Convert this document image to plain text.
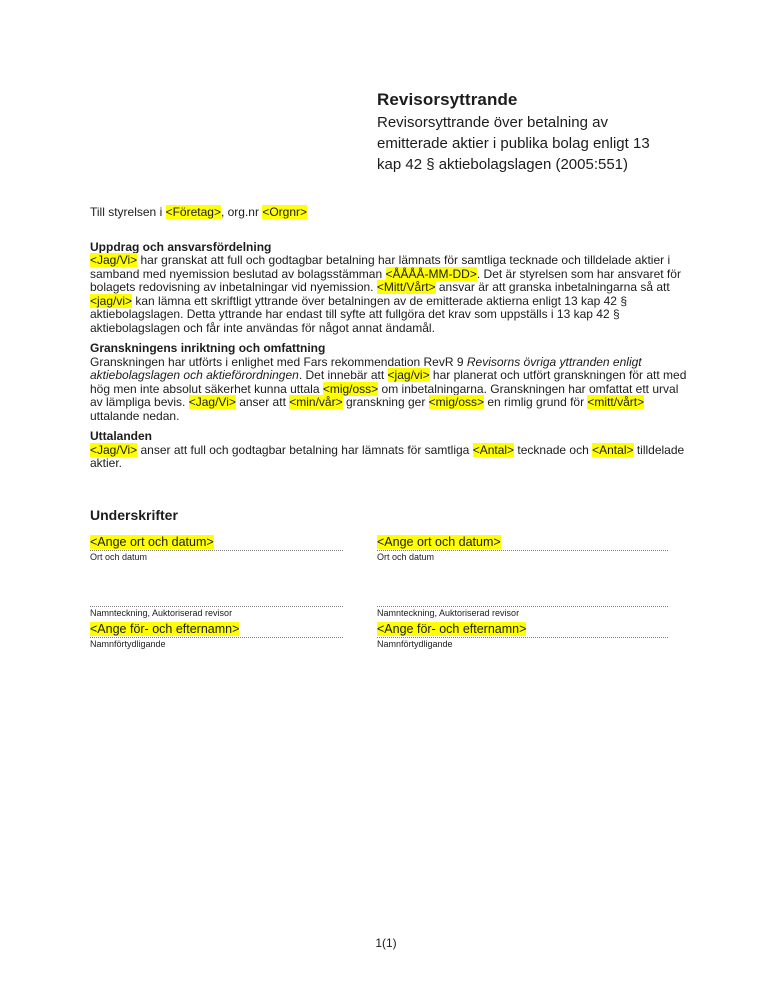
Revisorsyttrande
Revisorsyttrande över betalning av emitterade aktier i publika bolag enligt 13 kap 42 § aktiebolagslagen (2005:551)

Till styrelsen i <Företag>, org.nr <Orgnr>

Uppdrag och ansvarsfördelning

<Jag/Vi> har granskat att full och godtagbar betalning har lämnats för samtliga tecknade och tilldelade aktier i samband med nyemission beslutad av bolagsstämman <ÅÅÅÅ-MM-DD>. Det är styrelsen som har ansvaret för bolagets redovisning av inbetalningar vid nyemission. <Mitt/Vårt> ansvar är att granska inbetalningarna så att <jag/vi> kan lämna ett skriftligt yttrande över betalningen av de emitterade aktierna enligt 13 kap 42 § aktiebolagslagen. Detta yttrande har endast till syfte att fullgöra det krav som uppställs i 13 kap 42 § aktiebolagslagen och får inte användas för något annat ändamål.

Granskningens inriktning och omfattning

Granskningen har utförts i enlighet med Fars rekommendation RevR 9 Revisorns övriga yttranden enligt aktiebolagslagen och aktieförordningen. Det innebär att <jag/vi> har planerat och utfört granskningen för att med hög men inte absolut säkerhet kunna uttala <mig/oss> om inbetalningarna. Granskningen har omfattat ett urval av lämpliga bevis. <Jag/Vi> anser att <min/vår> granskning ger <mig/oss> en rimlig grund för <mitt/vårt> uttalande nedan.

Uttalanden

<Jag/Vi> anser att full och godtagbar betalning har lämnats för samtliga <Antal> tecknade och <Antal> tilldelade aktier.

Underskrifter
<Ange ort och datum>
Ort och datum
Namnteckning, Auktoriserad revisor
<Ange för- och efternamn>
Namnförtydligande
<Ange ort och datum>
Ort och datum
Namnteckning, Auktoriserad revisor
<Ange för- och efternamn>
Namnförtydligande
1(1)
